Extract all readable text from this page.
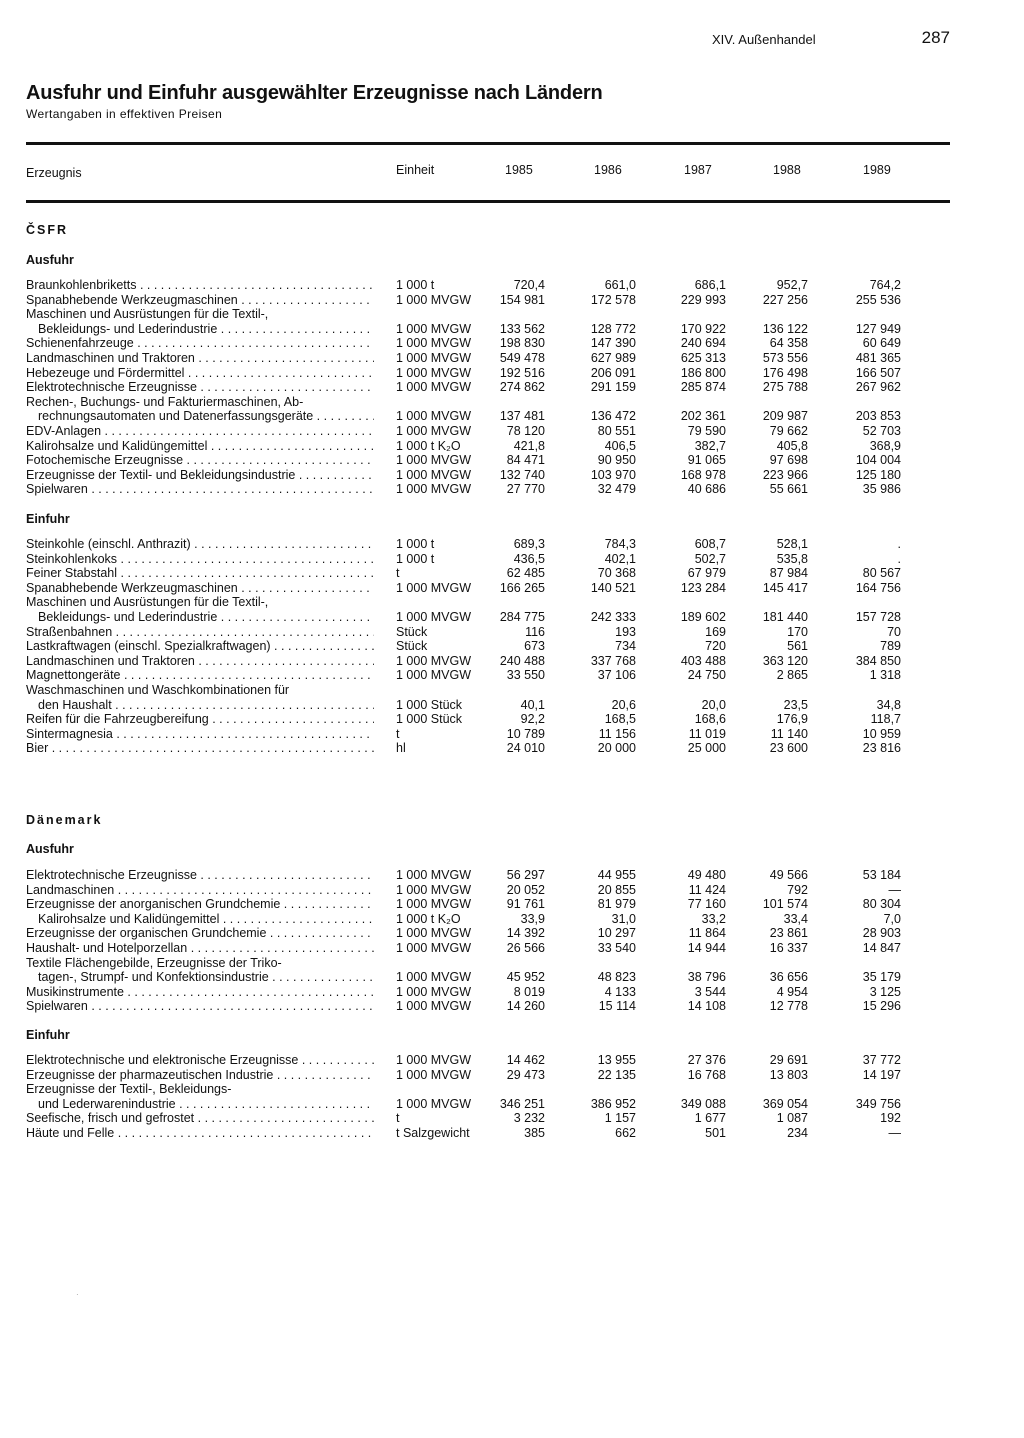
XIV. Außenhandel	287
Ausfuhr und Einfuhr ausgewählter Erzeugnisse nach Ländern
Wertangaben in effektiven Preisen
Erzeugnis	Einheit	1985	1986	1987	1988	1989
ČSFR
Ausfuhr
Braunkohlenbriketts . . .	1 000 t	720,4	661,0	686,1	952,7	764,2
Spanabhebende Werkzeugmaschinen . . .	1 000 MVGW	154 981	172 578	229 993	227 256	255 536
Maschinen und Ausrüstungen für die Textil-,
Bekleidungs- und Lederindustrie . . .	1 000 MVGW	133 562	128 772	170 922	136 122	127 949
Schienenfahrzeuge . . .	1 000 MVGW	198 830	147 390	240 694	64 358	60 649
Landmaschinen und Traktoren . . .	1 000 MVGW	549 478	627 989	625 313	573 556	481 365
Hebezeuge und Fördermittel . . .	1 000 MVGW	192 516	206 091	186 800	176 498	166 507
Elektrotechnische Erzeugnisse . . .	1 000 MVGW	274 862	291 159	285 874	275 788	267 962
Rechen-, Buchungs- und Fakturiermaschinen, Ab-
rechnungsautomaten und Datenerfassungsgeräte . . .	1 000 MVGW	137 481	136 472	202 361	209 987	203 853
EDV-Anlagen . . .	1 000 MVGW	78 120	80 551	79 590	79 662	52 703
Kalirohsalze und Kalidüngemittel . . .	1 000 t K₂O	421,8	406,5	382,7	405,8	368,9
Fotochemische Erzeugnisse . . .	1 000 MVGW	84 471	90 950	91 065	97 698	104 004
Erzeugnisse der Textil- und Bekleidungsindustrie . . .	1 000 MVGW	132 740	103 970	168 978	223 966	125 180
Spielwaren . . .	1 000 MVGW	27 770	32 479	40 686	55 661	35 986
Einfuhr
Steinkohle (einschl. Anthrazit) . . .	1 000 t	689,3	784,3	608,7	528,1	.
Steinkohlenkoks . . .	1 000 t	436,5	402,1	502,7	535,8	.
Feiner Stabstahl . . .	t	62 485	70 368	67 979	87 984	80 567
Spanabhebende Werkzeugmaschinen . . .	1 000 MVGW	166 265	140 521	123 284	145 417	164 756
Maschinen und Ausrüstungen für die Textil-,
Bekleidungs- und Lederindustrie . . .	1 000 MVGW	284 775	242 333	189 602	181 440	157 728
Straßenbahnen . . .	Stück	116	193	169	170	70
Lastkraftwagen (einschl. Spezialkraftwagen) . . .	Stück	673	734	720	561	789
Landmaschinen und Traktoren . . .	1 000 MVGW	240 488	337 768	403 488	363 120	384 850
Magnettongeräte . . .	1 000 MVGW	33 550	37 106	24 750	2 865	1 318
Waschmaschinen und Waschkombinationen für
den Haushalt . . .	1 000 Stück	40,1	20,6	20,0	23,5	34,8
Reifen für die Fahrzeugbereifung . . .	1 000 Stück	92,2	168,5	168,6	176,9	118,7
Sintermagnesia . . .	t	10 789	11 156	11 019	11 140	10 959
Bier . . .	hl	24 010	20 000	25 000	23 600	23 816
Dänemark
Ausfuhr
Elektrotechnische Erzeugnisse . . .	1 000 MVGW	56 297	44 955	49 480	49 566	53 184
Landmaschinen . . .	1 000 MVGW	20 052	20 855	11 424	792	—
Erzeugnisse der anorganischen Grundchemie . . .	1 000 MVGW	91 761	81 979	77 160	101 574	80 304
Kalirohsalze und Kalidüngemittel . . .	1 000 t K₂O	33,9	31,0	33,2	33,4	7,0
Erzeugnisse der organischen Grundchemie . . .	1 000 MVGW	14 392	10 297	11 864	23 861	28 903
Haushalt- und Hotelporzellan . . .	1 000 MVGW	26 566	33 540	14 944	16 337	14 847
Textile Flächengebilde, Erzeugnisse der Triko-
tagen-, Strumpf- und Konfektionsindustrie . . .	1 000 MVGW	45 952	48 823	38 796	36 656	35 179
Musikinstrumente . . .	1 000 MVGW	8 019	4 133	3 544	4 954	3 125
Spielwaren . . .	1 000 MVGW	14 260	15 114	14 108	12 778	15 296
Einfuhr
Elektrotechnische und elektronische Erzeugnisse . . .	1 000 MVGW	14 462	13 955	27 376	29 691	37 772
Erzeugnisse der pharmazeutischen Industrie . . .	1 000 MVGW	29 473	22 135	16 768	13 803	14 197
Erzeugnisse der Textil-, Bekleidungs-
und Lederwarenindustrie . . .	1 000 MVGW	346 251	386 952	349 088	369 054	349 756
Seefische, frisch und gefrostet . . .	t	3 232	1 157	1 677	1 087	192
Häute und Felle . . .	t Salzgewicht	385	662	501	234	—
·
